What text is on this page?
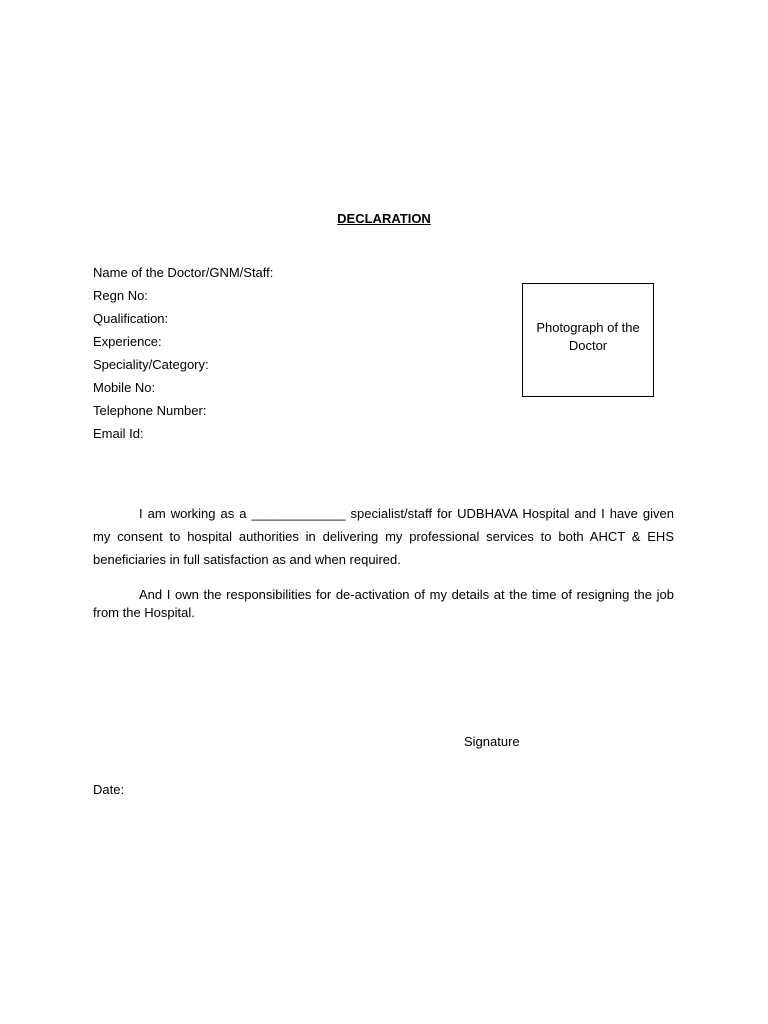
DECLARATION
Name of the Doctor/GNM/Staff:
Regn No:
Qualification:
Experience:
Speciality/Category:
Mobile No:
Telephone Number:
Email Id:
Photograph of the Doctor

I am working as a _____________ specialist/staff for UDBHAVA Hospital and I have given my consent to hospital authorities in delivering my professional services to both AHCT & EHS beneficiaries in full satisfaction as and when required.

And I own the responsibilities for de-activation of my details at the time of resigning the job from the Hospital.

Signature
Date:
